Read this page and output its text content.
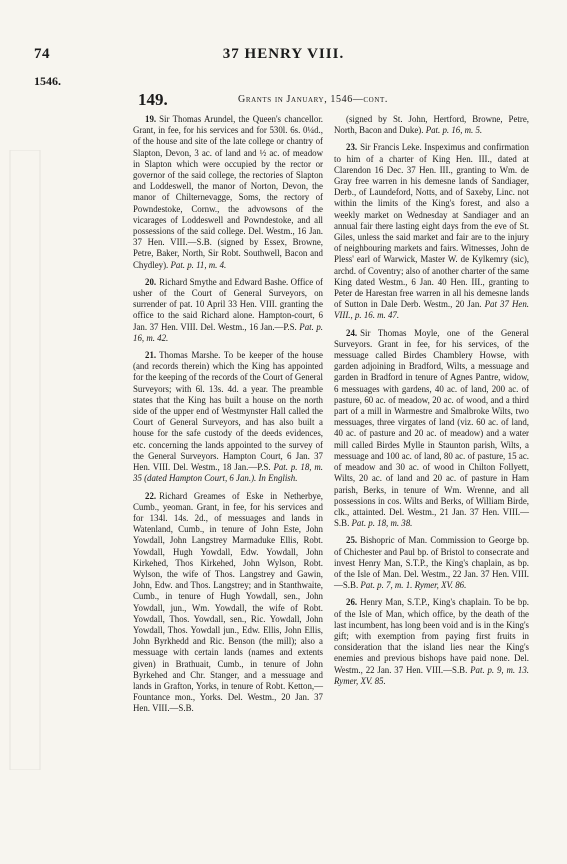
74	37 HENRY VIII.
1546.
149.	Grants in January, 1546—cont.

19. Sir Thomas Arundel, the Queen's chancellor. Grant, in fee, for his services and for 530l. 6s. 0¼d., of the house and site of the late college or chantry of Slapton, Devon, 3 ac. of land and ½ ac. of meadow in Slapton which were occupied by the rector or governor of the said college, the rectories of Slapton and Loddeswell, the manor of Norton, Devon, the manor of Chilternevagge, Soms, the rectory of Powndestoke, Cornw., the advowsons of the vicarages of Loddeswell and Powndestoke, and all possessions of the said college. Del. Westm., 16 Jan. 37 Hen. VIII.—S.B. (signed by Essex, Browne, Petre, Baker, North, Sir Robt. Southwell, Bacon and Chydley). Pat. p. 11, m. 4.

20. Richard Smythe and Edward Bashe. Office of usher of the Court of General Surveyors, on surrender of pat. 10 April 33 Hen. VIII. granting the office to the said Richard alone. Hampton-court, 6 Jan. 37 Hen. VIII. Del. Westm., 16 Jan.—P.S. Pat. p. 16, m. 42.

21. Thomas Marshe. To be keeper of the house (and records therein) which the King has appointed for the keeping of the records of the Court of General Surveyors; with 6l. 13s. 4d. a year. The preamble states that the King has built a house on the north side of the upper end of Westmynster Hall called the Court of General Surveyors, and has also built a house for the safe custody of the deeds evidences, etc. concerning the lands appointed to the survey of the General Surveyors. Hampton Court, 6 Jan. 37 Hen. VIII. Del. Westm., 18 Jan.—P.S. Pat. p. 18, m. 35 (dated Hampton Court, 6 Jan.). In English.

22. Richard Greames of Eske in Netherbye, Cumb., yeoman. Grant, in fee, for his services and for 134l. 14s. 2d., of messuages and lands in Watenland, Cumb., in tenure of John Este, John Yowdall, John Langstrey Marmaduke Ellis, Robt. Yowdall, Hugh Yowdall, Edw. Yowdall, John Kirkehed, Thos Kirkehed, John Wylson, Robt. Wylson, the wife of Thos. Langstrey and Gawin, John, Edw. and Thos. Langstrey; and in Stanthwaite, Cumb., in tenure of Hugh Yowdall, sen., John Yowdall, jun., Wm. Yowdall, the wife of Robt. Yowdall, Thos. Yowdall, sen., Ric. Yowdall, John Yowdall, Thos. Yowdall jun., Edw. Ellis, John Ellis, John Byrkhedd and Ric. Benson (the mill); also a messuage with certain lands (names and extents given) in Brathuait, Cumb., in tenure of John Byrkehed and Chr. Stanger, and a messuage and lands in Grafton, Yorks, in tenure of Robt. Ketton,—Fountance mon., Yorks. Del. Westm., 20 Jan. 37 Hen. VIII.—S.B.

(signed by St. John, Hertford, Browne, Petre, North, Bacon and Duke). Pat. p. 16, m. 5.

23. Sir Francis Leke. Inspeximus and confirmation to him of a charter of King Hen. III., dated at Clarendon 16 Dec. 37 Hen. III., granting to Wm. de Gray free warren in his demesne lands of Sandiager, Derb., of Laundeford, Notts, and of Saxeby, Linc. not within the limits of the King's forest, and also a weekly market on Wednesday at Sandiager and an annual fair there lasting eight days from the eve of St. Giles, unless the said market and fair are to the injury of neighbouring markets and fairs. Witnesses, John de Pless' earl of Warwick, Master W. de Kylkemry (sic), archd. of Coventry; also of another charter of the same King dated Westm., 6 Jan. 40 Hen. III., granting to Peter de Harestan free warren in all his demesne lands of Sutton in Dale Derb. Westm., 20 Jan. Pat 37 Hen. VIII., p. 16. m. 47.

24. Sir Thomas Moyle, one of the General Surveyors. Grant in fee, for his services, of the messuage called Birdes Chamblery Howse, with garden adjoining in Bradford, Wilts, a messuage and garden in Bradford in tenure of Agnes Pantre, widow, 6 messuages with gardens, 40 ac. of land, 200 ac. of pasture, 60 ac. of meadow, 20 ac. of wood, and a third part of a mill in Warmestre and Smalbroke Wilts, two messuages, three virgates of land (viz. 60 ac. of land, 40 ac. of pasture and 20 ac. of meadow) and a water mill called Birdes Mylle in Staunton parish, Wilts, a messuage and 100 ac. of land, 80 ac. of pasture, 15 ac. of meadow and 30 ac. of wood in Chilton Follyett, Wilts, 20 ac. of land and 20 ac. of pasture in Ham parish, Berks, in tenure of Wm. Wrenne, and all possessions in cos. Wilts and Berks, of William Birde, clk., attainted. Del. Westm., 21 Jan. 37 Hen. VIII.—S.B. Pat. p. 18, m. 38.

25. Bishopric of Man. Commission to George bp. of Chichester and Paul bp. of Bristol to consecrate and invest Henry Man, S.T.P., the King's chaplain, as bp. of the Isle of Man. Del. Westm., 22 Jan. 37 Hen. VIII.—S.B. Pat. p. 7, m. 1. Rymer, XV. 86.

26. Henry Man, S.T.P., King's chaplain. To be bp. of the Isle of Man, which office, by the death of the last incumbent, has long been void and is in the King's gift; with exemption from paying first fruits in consideration that the island lies near the King's enemies and previous bishops have paid none. Del. Westm., 22 Jan. 37 Hen. VIII.—S.B. Pat. p. 9, m. 13. Rymer, XV. 85.
